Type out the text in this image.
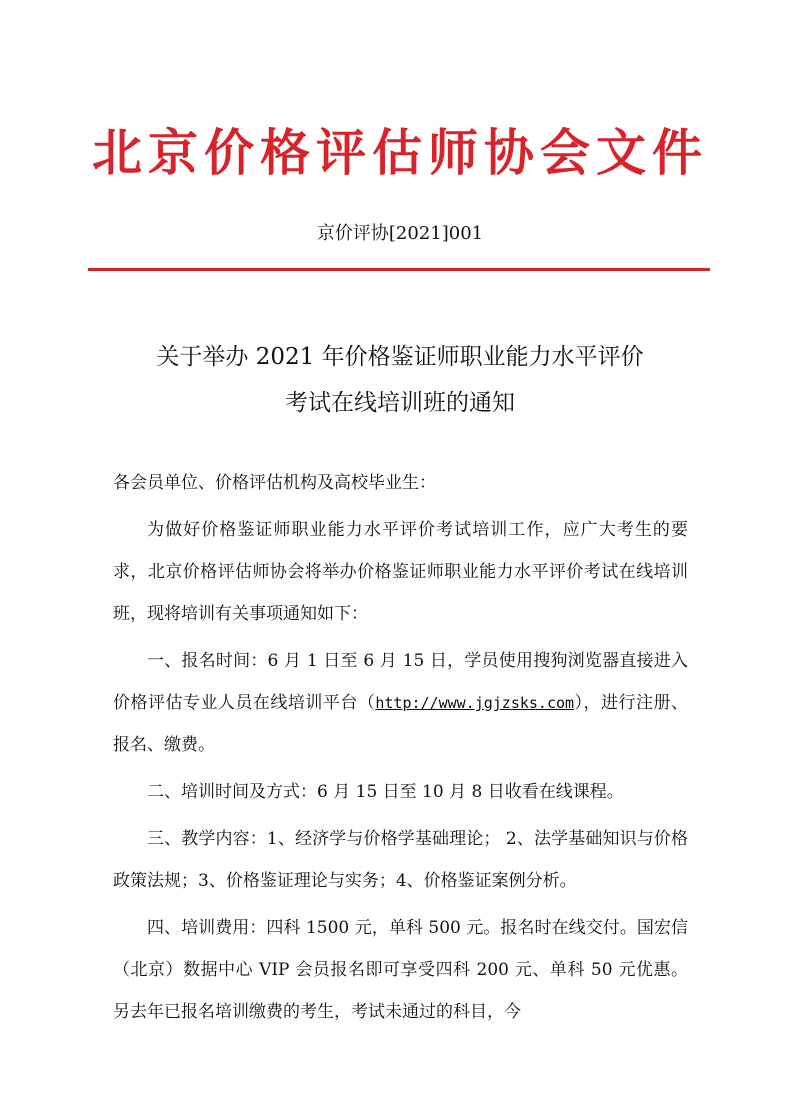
北京价格评估师协会文件
京价评协[2021]001
关于举办 2021 年价格鉴证师职业能力水平评价
考试在线培训班的通知

各会员单位、价格评估机构及高校毕业生：

为做好价格鉴证师职业能力水平评价考试培训工作，应广大考生的要求，北京价格评估师协会将举办价格鉴证师职业能力水平评价考试在线培训班，现将培训有关事项通知如下：

一、报名时间：6 月 1 日至 6 月 15 日，学员使用搜狗浏览器直接进入价格评估专业人员在线培训平台（http://www.jgjzsks.com），进行注册、报名、缴费。

二、培训时间及方式：6 月 15 日至 10 月 8 日收看在线课程。

三、教学内容：1、经济学与价格学基础理论； 2、法学基础知识与价格政策法规；3、价格鉴证理论与实务；4、价格鉴证案例分析。

四、培训费用：四科 1500 元，单科 500 元。报名时在线交付。国宏信（北京）数据中心 VIP 会员报名即可享受四科 200 元、单科 50 元优惠。另去年已报名培训缴费的考生，考试未通过的科目，今
